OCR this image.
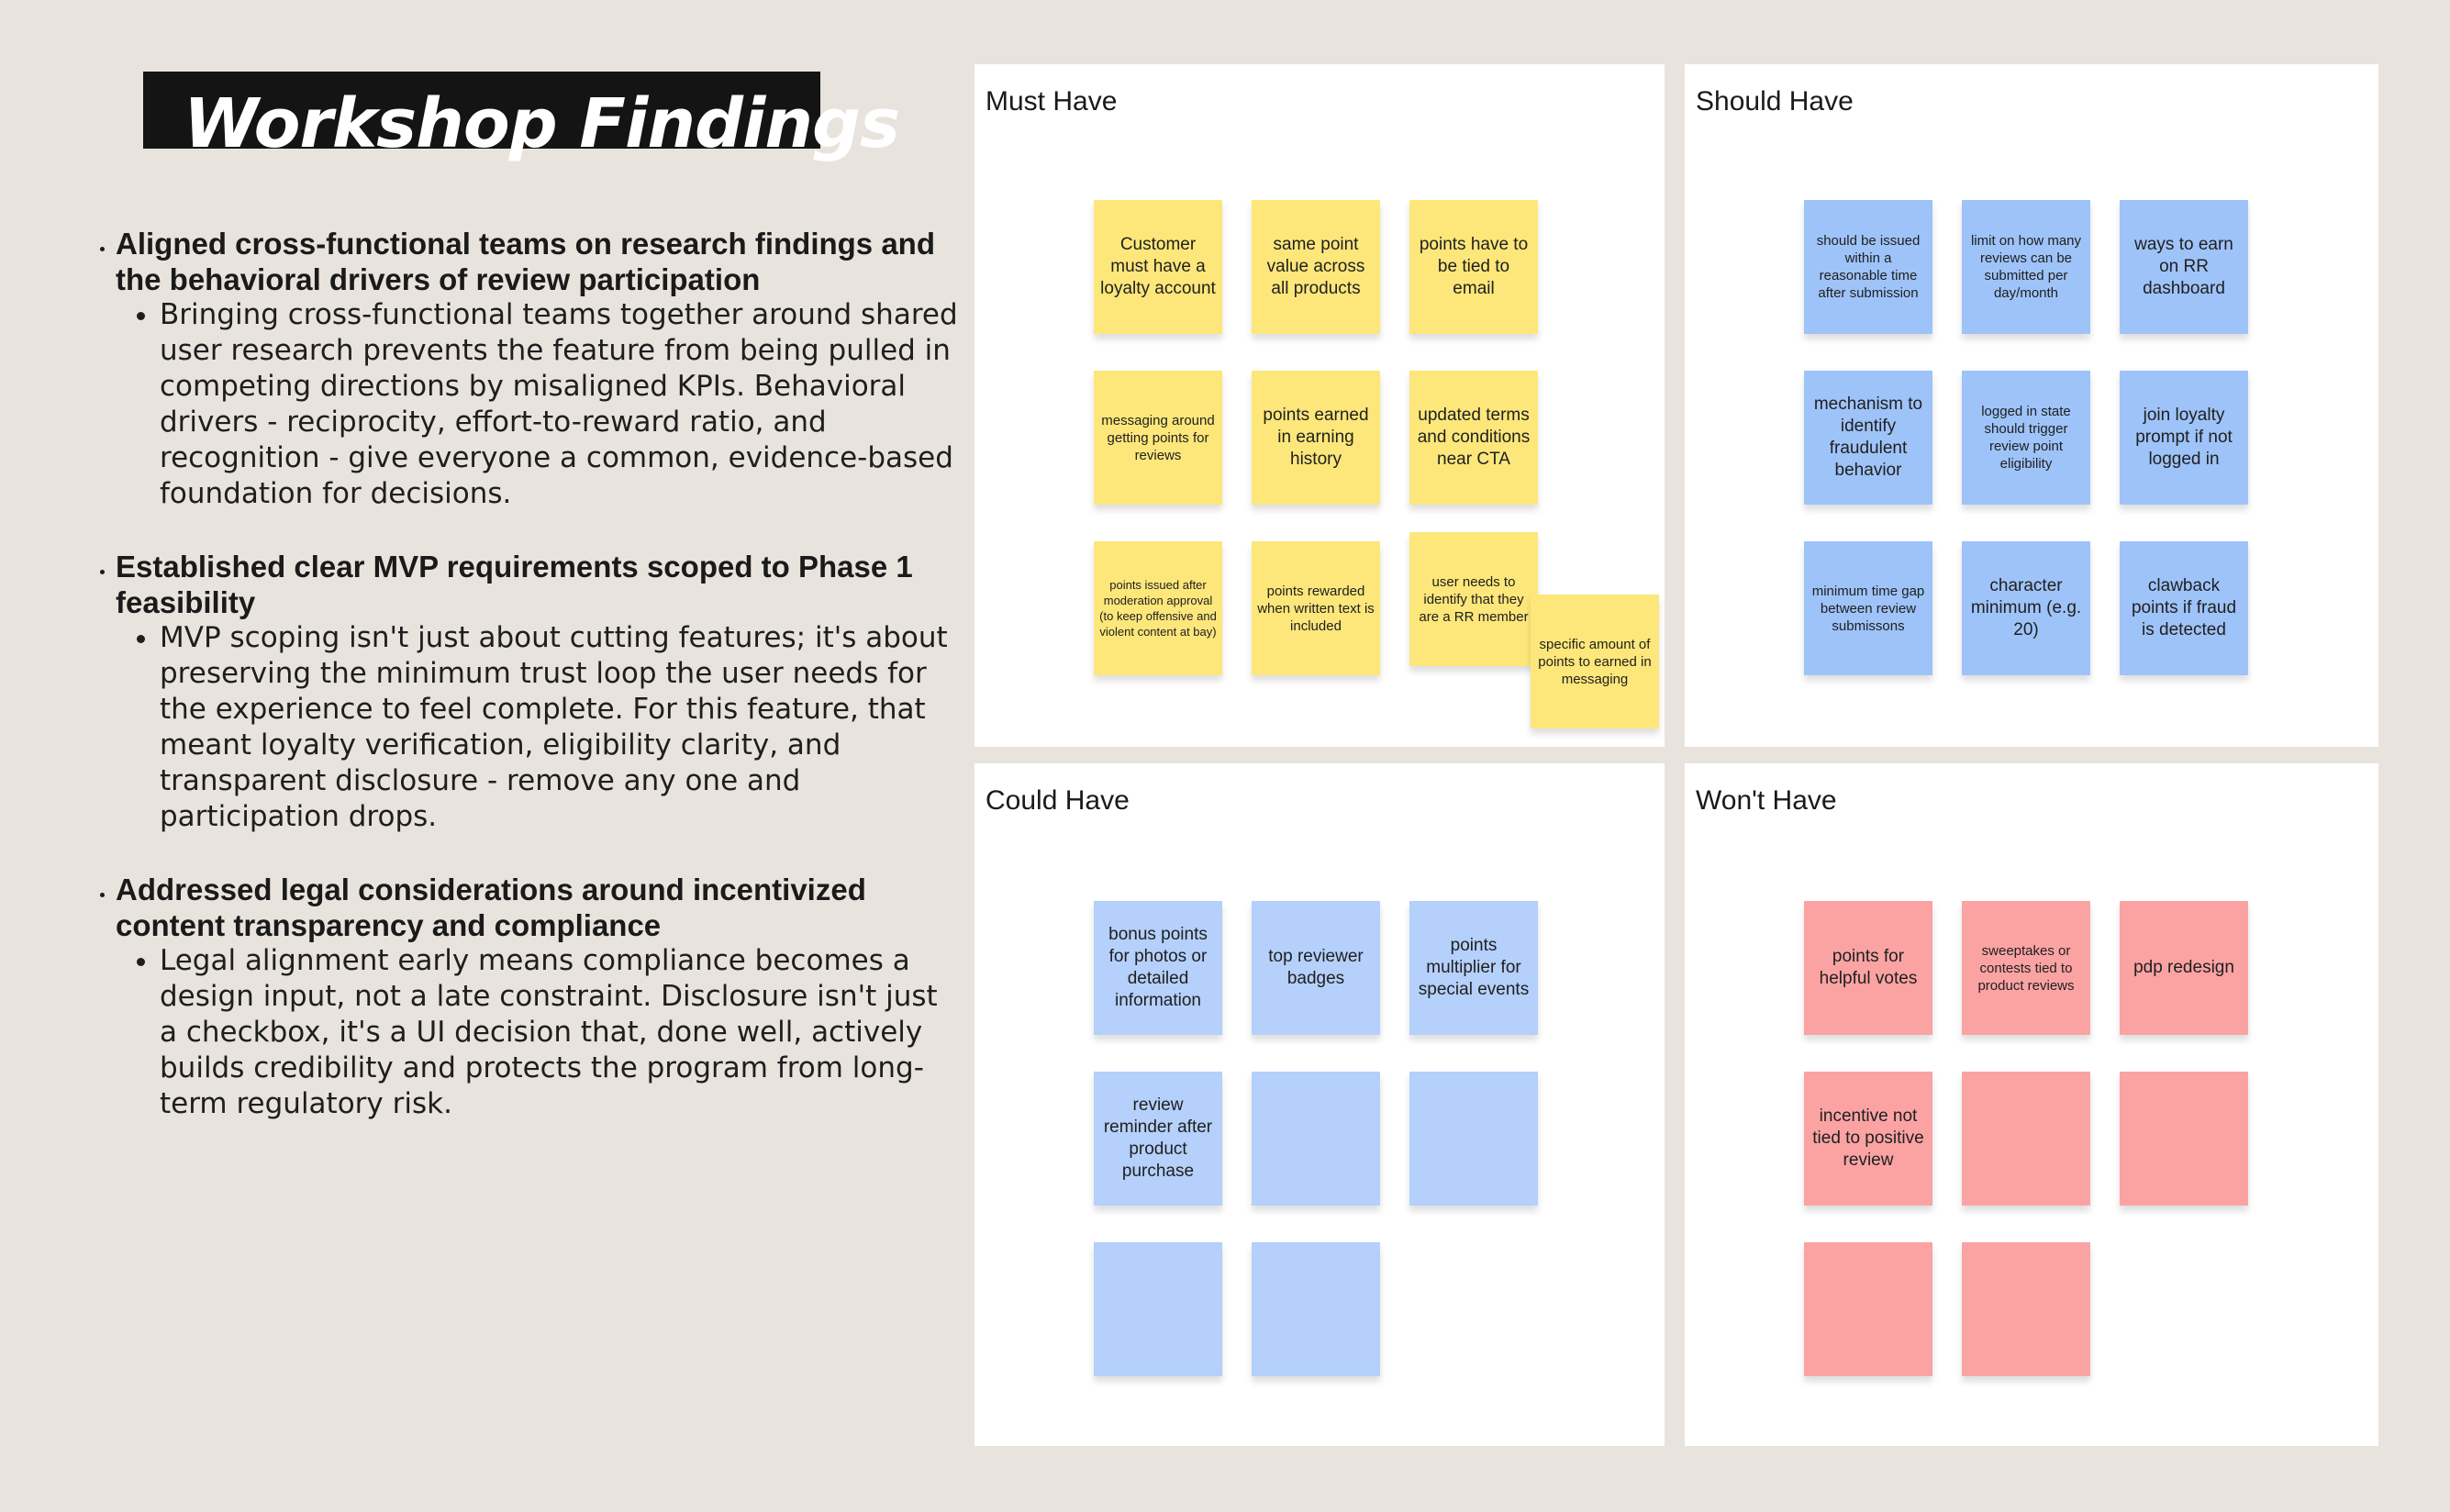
Workshop Findings
• Aligned cross-functional teams on research findings and the behavioral drivers of review participation
• Bringing cross-functional teams together around shared user research prevents the feature from being pulled in competing directions by misaligned KPIs. Behavioral drivers - reciprocity, effort-to-reward ratio, and recognition - give everyone a common, evidence-based foundation for decisions.
• Established clear MVP requirements scoped to Phase 1 feasibility
• MVP scoping isn't just about cutting features; it's about preserving the minimum trust loop the user needs for the experience to feel complete. For this feature, that meant loyalty verification, eligibility clarity, and transparent disclosure - remove any one and participation drops.
• Addressed legal considerations around incentivized content transparency and compliance
• Legal alignment early means compliance becomes a design input, not a late constraint. Disclosure isn't just a checkbox, it's a UI decision that, done well, actively builds credibility and protects the program from long-term regulatory risk.
Must Have
Customer must have a loyalty account
same point value across all products
points have to be tied to email
messaging around getting points for reviews
points earned in earning history
updated terms and conditions near CTA
points issued after moderation approval (to keep offensive and violent content at bay)
points rewarded when written text is included
user needs to identify that they are a RR member
specific amount of points to earned in messaging
Should Have
should be issued within a reasonable time after submission
limit on how many reviews can be submitted per day/month
ways to earn on RR dashboard
mechanism to identify fraudulent behavior
logged in state should trigger review point eligibility
join loyalty prompt if not logged in
minimum time gap between review submissons
character minimum (e.g. 20)
clawback points if fraud is detected
Could Have
bonus points for photos or detailed information
top reviewer badges
points multiplier for special events
review reminder after product purchase
Won't Have
points for helpful votes
sweeptakes or contests tied to product reviews
pdp redesign
incentive not tied to positive review
